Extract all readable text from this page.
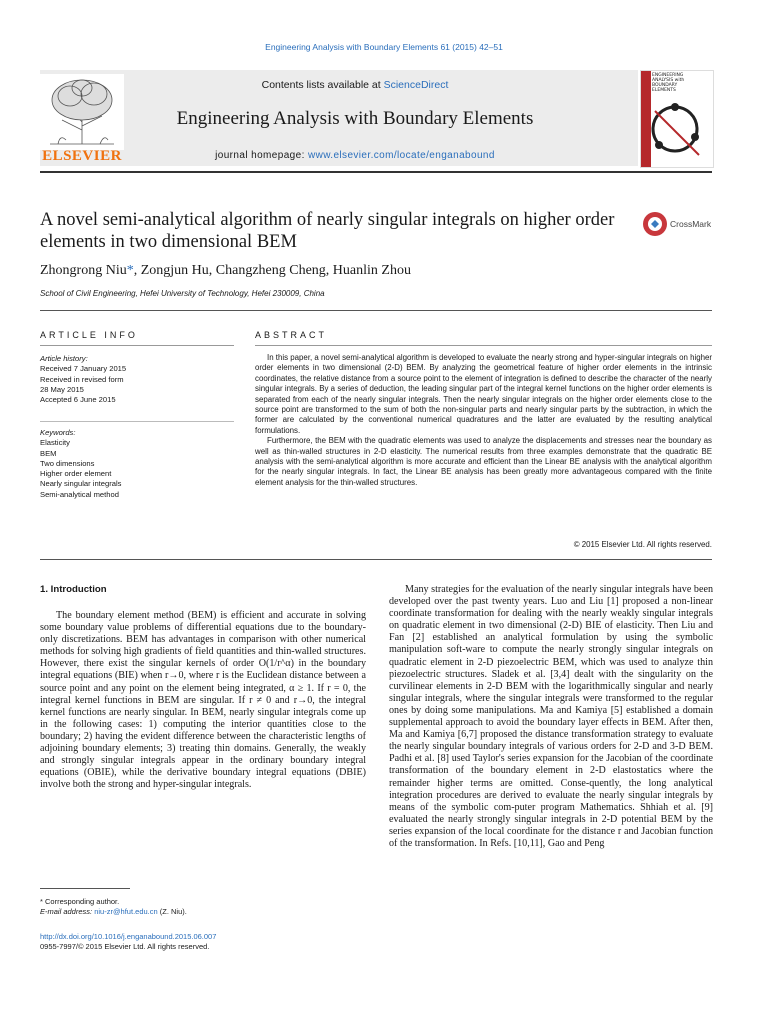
Engineering Analysis with Boundary Elements 61 (2015) 42–51
ELSEVIER
Contents lists available at ScienceDirect
Engineering Analysis with Boundary Elements
journal homepage: www.elsevier.com/locate/enganabound
ENGINEERING
ANALYSIS with
BOUNDARY
ELEMENTS
A novel semi-analytical algorithm of nearly singular integrals on higher order elements in two dimensional BEM
CrossMark
Zhongrong Niu*, Zongjun Hu, Changzheng Cheng, Huanlin Zhou
School of Civil Engineering, Hefei University of Technology, Hefei 230009, China
ARTICLE INFO	ABSTRACT
Article history:
Received 7 January 2015
Received in revised form
28 May 2015
Accepted 6 June 2015
Keywords:
Elasticity
BEM
Two dimensions
Higher order element
Nearly singular integrals
Semi-analytical method

In this paper, a novel semi-analytical algorithm is developed to evaluate the nearly strong and hyper-singular integrals on higher order elements in two dimensional (2-D) BEM. By analyzing the geometrical feature of higher order elements in the intrinsic coordinates, the relative distance from a source point to the element of integration is defined to describe the character of the nearly singular integrals. By a series of deduction, the leading singular part of the integral kernel functions on the higher order elements is separated from each of the nearly singular integrals. Then the nearly singular integrals on the higher order elements close to the source point are transformed to the sum of both the non-singular parts and nearly singular parts by the subtraction, in which the former are calculated by the conventional numerical quadratures and the latter are evaluated by the resulting analytical formulations.

Furthermore, the BEM with the quadratic elements was used to analyze the displacements and stresses near the boundary as well as thin-walled structures in 2-D elasticity. The numerical results from three examples demonstrate that the quadratic BE analysis with the semi-analytical algorithm is more accurate and efficient than the Linear BE analysis with the analytical algorithm for the nearly singular integrals. In fact, the Linear BE analysis has been greatly more advantageous compared with the finite element analysis for the thin-walled structures.

© 2015 Elsevier Ltd. All rights reserved.
1. Introduction

The boundary element method (BEM) is efficient and accurate in solving some boundary value problems of differential equations due to the boundary-only discretizations. BEM has advantages in comparison with other numerical methods for solving high gradients of field quantities and thin-walled structures. However, there exist the singular kernels of order O(1/r^α) in the boundary integral equations (BIE) when r→0, where r is the Euclidean distance between a source point and any point on the element being integrated, α ≥ 1. If r = 0, the integral kernel functions in BEM are singular. If r ≠ 0 and r→0, the integral kernel functions are nearly singular. In BEM, nearly singular integrals come up in the following cases: 1) computing the interior quantities close to the boundary; 2) having the evident difference between the characteristic lengths of adjoining boundary elements; 3) treating thin domains. Generally, the weakly and strongly singular integrals appear in the ordinary boundary integral equations (OBIE), while the derivative boundary integral equations (DBIE) involve both the strong and hyper-singular integrals.

Many strategies for the evaluation of the nearly singular integrals have been developed over the past twenty years. Luo and Liu [1] proposed a non-linear coordinate transformation for dealing with the nearly weakly singular integrals on quadratic element in two dimensional (2-D) BIE of elasticity. Then Liu and Fan [2] established an analytical formulation by using the symbolic manipulation soft-ware to compute the nearly strongly singular integrals on quadratic element in 2-D piezoelectric BEM, which was used to analyze thin piezoelectric structures. Sladek et al. [3,4] dealt with the singularity on the curvilinear elements in 2-D BEM with the logarithmically singular and nearly singular integrals, where the singular integrals were transformed to the regular ones by doing some manipulations. Ma and Kamiya [5] established a domain supplemental approach to avoid the boundary layer effects in BEM. After then, Ma and Kamiya [6,7] proposed the distance transformation strategy to evaluate the nearly singular boundary integrals of various orders for 2-D and 3-D BEM. Padhi et al. [8] used Taylor's series expansion for the Jacobian of the coordinate transformation of the boundary element in 2-D elastostatics where the remainder higher terms are omitted. Conse-quently, the long analytical integration procedures are derived to evaluate the nearly singular integrals by means of the symbolic com-puter program Mathematics. Shhiah et al. [9] evaluated the nearly strongly singular integrals in 2-D potential BEM by the series expansion of the local coordinate for the distance r and Jacobian function of the transformation. In Refs. [10,11], Gao and Peng

* Corresponding author.
E-mail address: niu-zr@hfut.edu.cn (Z. Niu).
http://dx.doi.org/10.1016/j.enganabound.2015.06.007
0955-7997/© 2015 Elsevier Ltd. All rights reserved.
